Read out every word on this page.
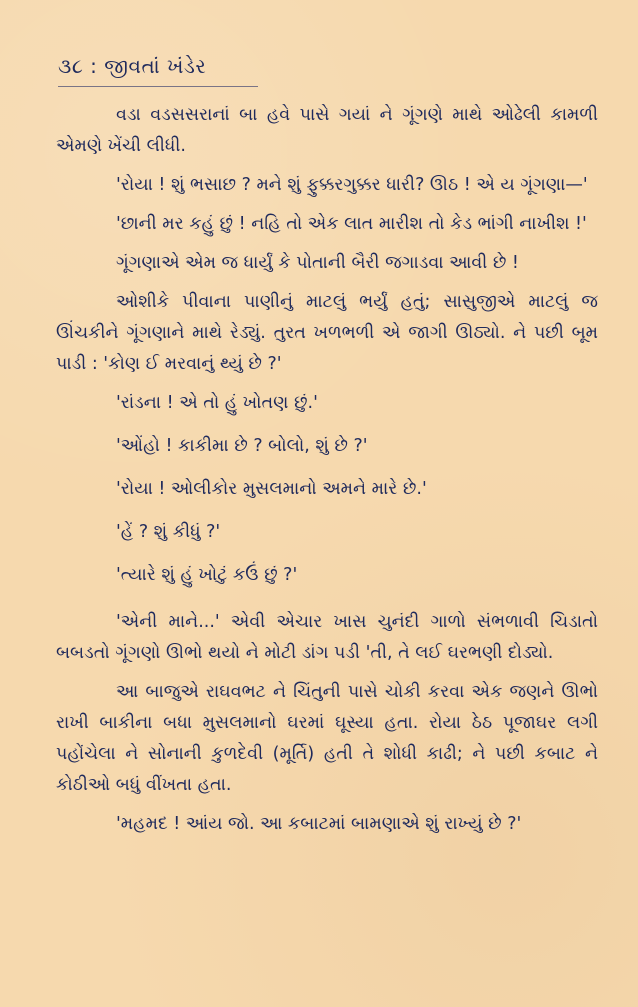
૩૮ : જીવતાં ખંડેર

વડા વડસસરાનાં બા હવે પાસે ગયાં ને ગૂંગણે માથે ઓઢેલી કામળી એમણે ખેંચી લીધી.

'રોયા ! શું ભસાછ ? મને શું ફુક્કરગુક્કર ધારી? ઊઠ ! એ ય ગૂંગણા—'

'છાની મર કહું છું ! નહિ તો એક લાત મારીશ તો કેડ ભાંગી નાખીશ !'

ગૂંગણાએ એમ જ ધાર્યું કે પોતાની બૈરી જગાડવા આવી છે !

ઓશીકે પીવાના પાણીનું માટલું ભર્યું હતું; સાસુજીએ માટલું જ ઊંચકીને ગૂંગણાને માથે રેડ્યું. તુરત ખળભળી એ જાગી ઊઠ્યો. ને પછી બૂમ પાડી : 'કોણ ઈ મરવાનું થ્યું છે ?'

'રાંડના ! એ તો હું ખોતણ છું.'
'ઓંહો ! કાકીમા છે ? બોલો, શું છે ?'
'રોયા ! ઓલીકોર મુસલમાનો અમને મારે છે.'
'હેં ? શું કીધું ?'
'ત્યારે શું હું ખોટું કઉં છું ?'

'એની માને...' એવી એચાર ખાસ ચુનંદી ગાળો સંભળાવી ચિડાતો બબડતો ગૂંગણો ઊભો થયો ને મોટી ડાંગ પડી 'તી, તે લઈ ઘરભણી દોડ્યો.

આ બાજુએ રાઘવભટ ને ચિંતુની પાસે ચોકી કરવા એક જણને ઊભો રાખી બાકીના બધા મુસલમાનો ઘરમાં ઘૂસ્યા હતા. રોયા ઠેઠ પૂજાઘર લગી પહોંચેલા ને સોનાની કુળદેવી (મૂર્તિ) હતી તે શોધી કાઢી; ને પછી કબાટ ને કોઠીઓ બધું વીંખતા હતા.

'મહમદ ! આંય જો. આ કબાટમાં બામણાએ શું રાખ્યું છે ?'
